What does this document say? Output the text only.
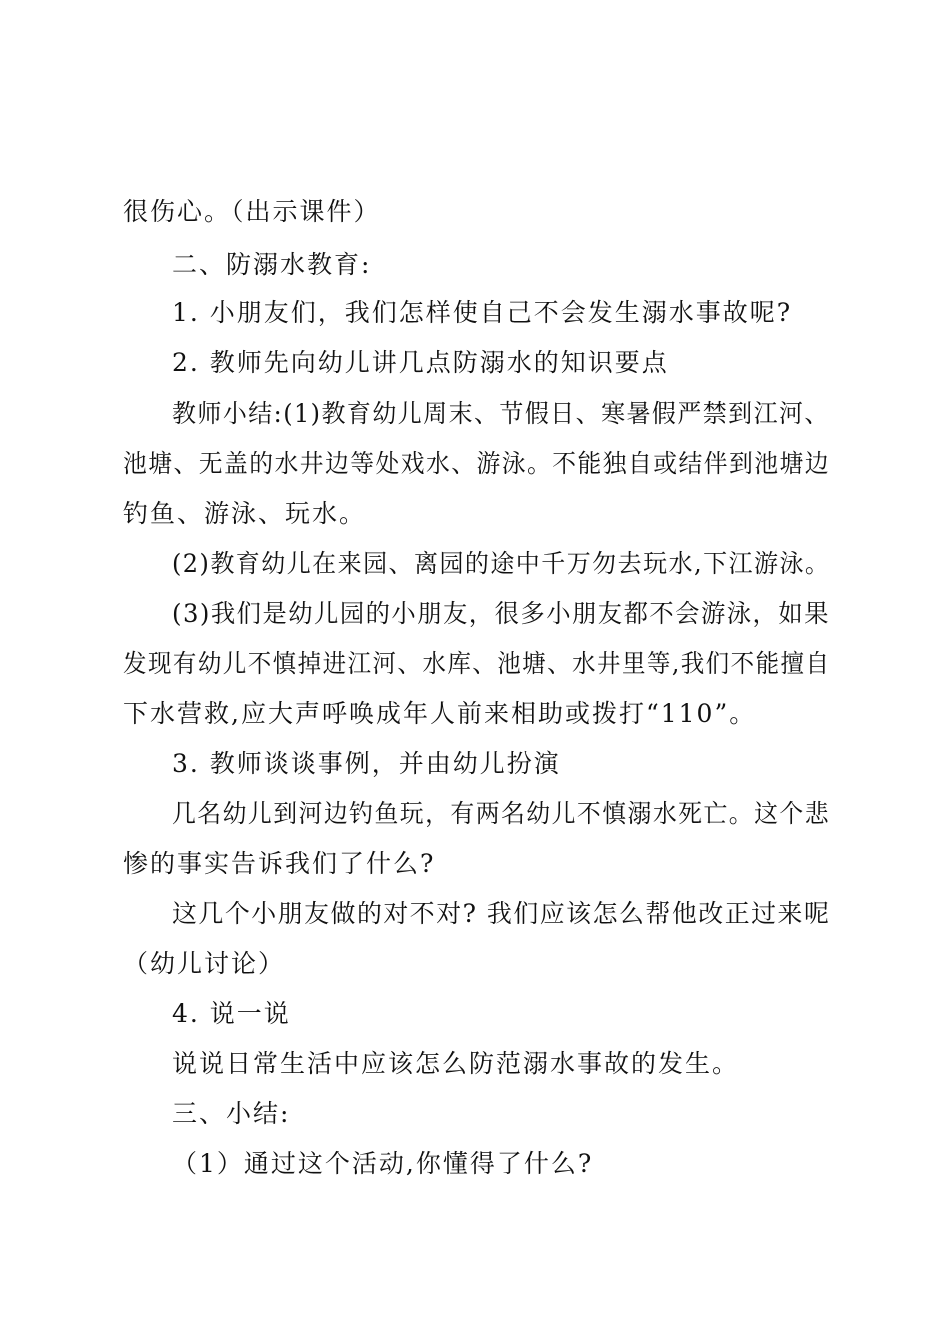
很伤心。（出示课件）
二、防溺水教育:
1. 小朋友们，我们怎样使自己不会发生溺水事故呢?
2. 教师先向幼儿讲几点防溺水的知识要点
教师小结:(1)教育幼儿周末、节假日、寒暑假严禁到江河、
池塘、无盖的水井边等处戏水、游泳。不能独自或结伴到池塘边
钓鱼、游泳、玩水。
(2)教育幼儿在来园、离园的途中千万勿去玩水,下江游泳。
(3)我们是幼儿园的小朋友，很多小朋友都不会游泳，如果
发现有幼儿不慎掉进江河、水库、池塘、水井里等,我们不能擅自
下水营救,应大声呼唤成年人前来相助或拨打“110”。
3. 教师谈谈事例，并由幼儿扮演
几名幼儿到河边钓鱼玩，有两名幼儿不慎溺水死亡。这个悲
惨的事实告诉我们了什么?
这几个小朋友做的对不对? 我们应该怎么帮他改正过来呢
（幼儿讨论）
4. 说一说
说说日常生活中应该怎么防范溺水事故的发生。
三、小结:
（1）通过这个活动,你懂得了什么?
